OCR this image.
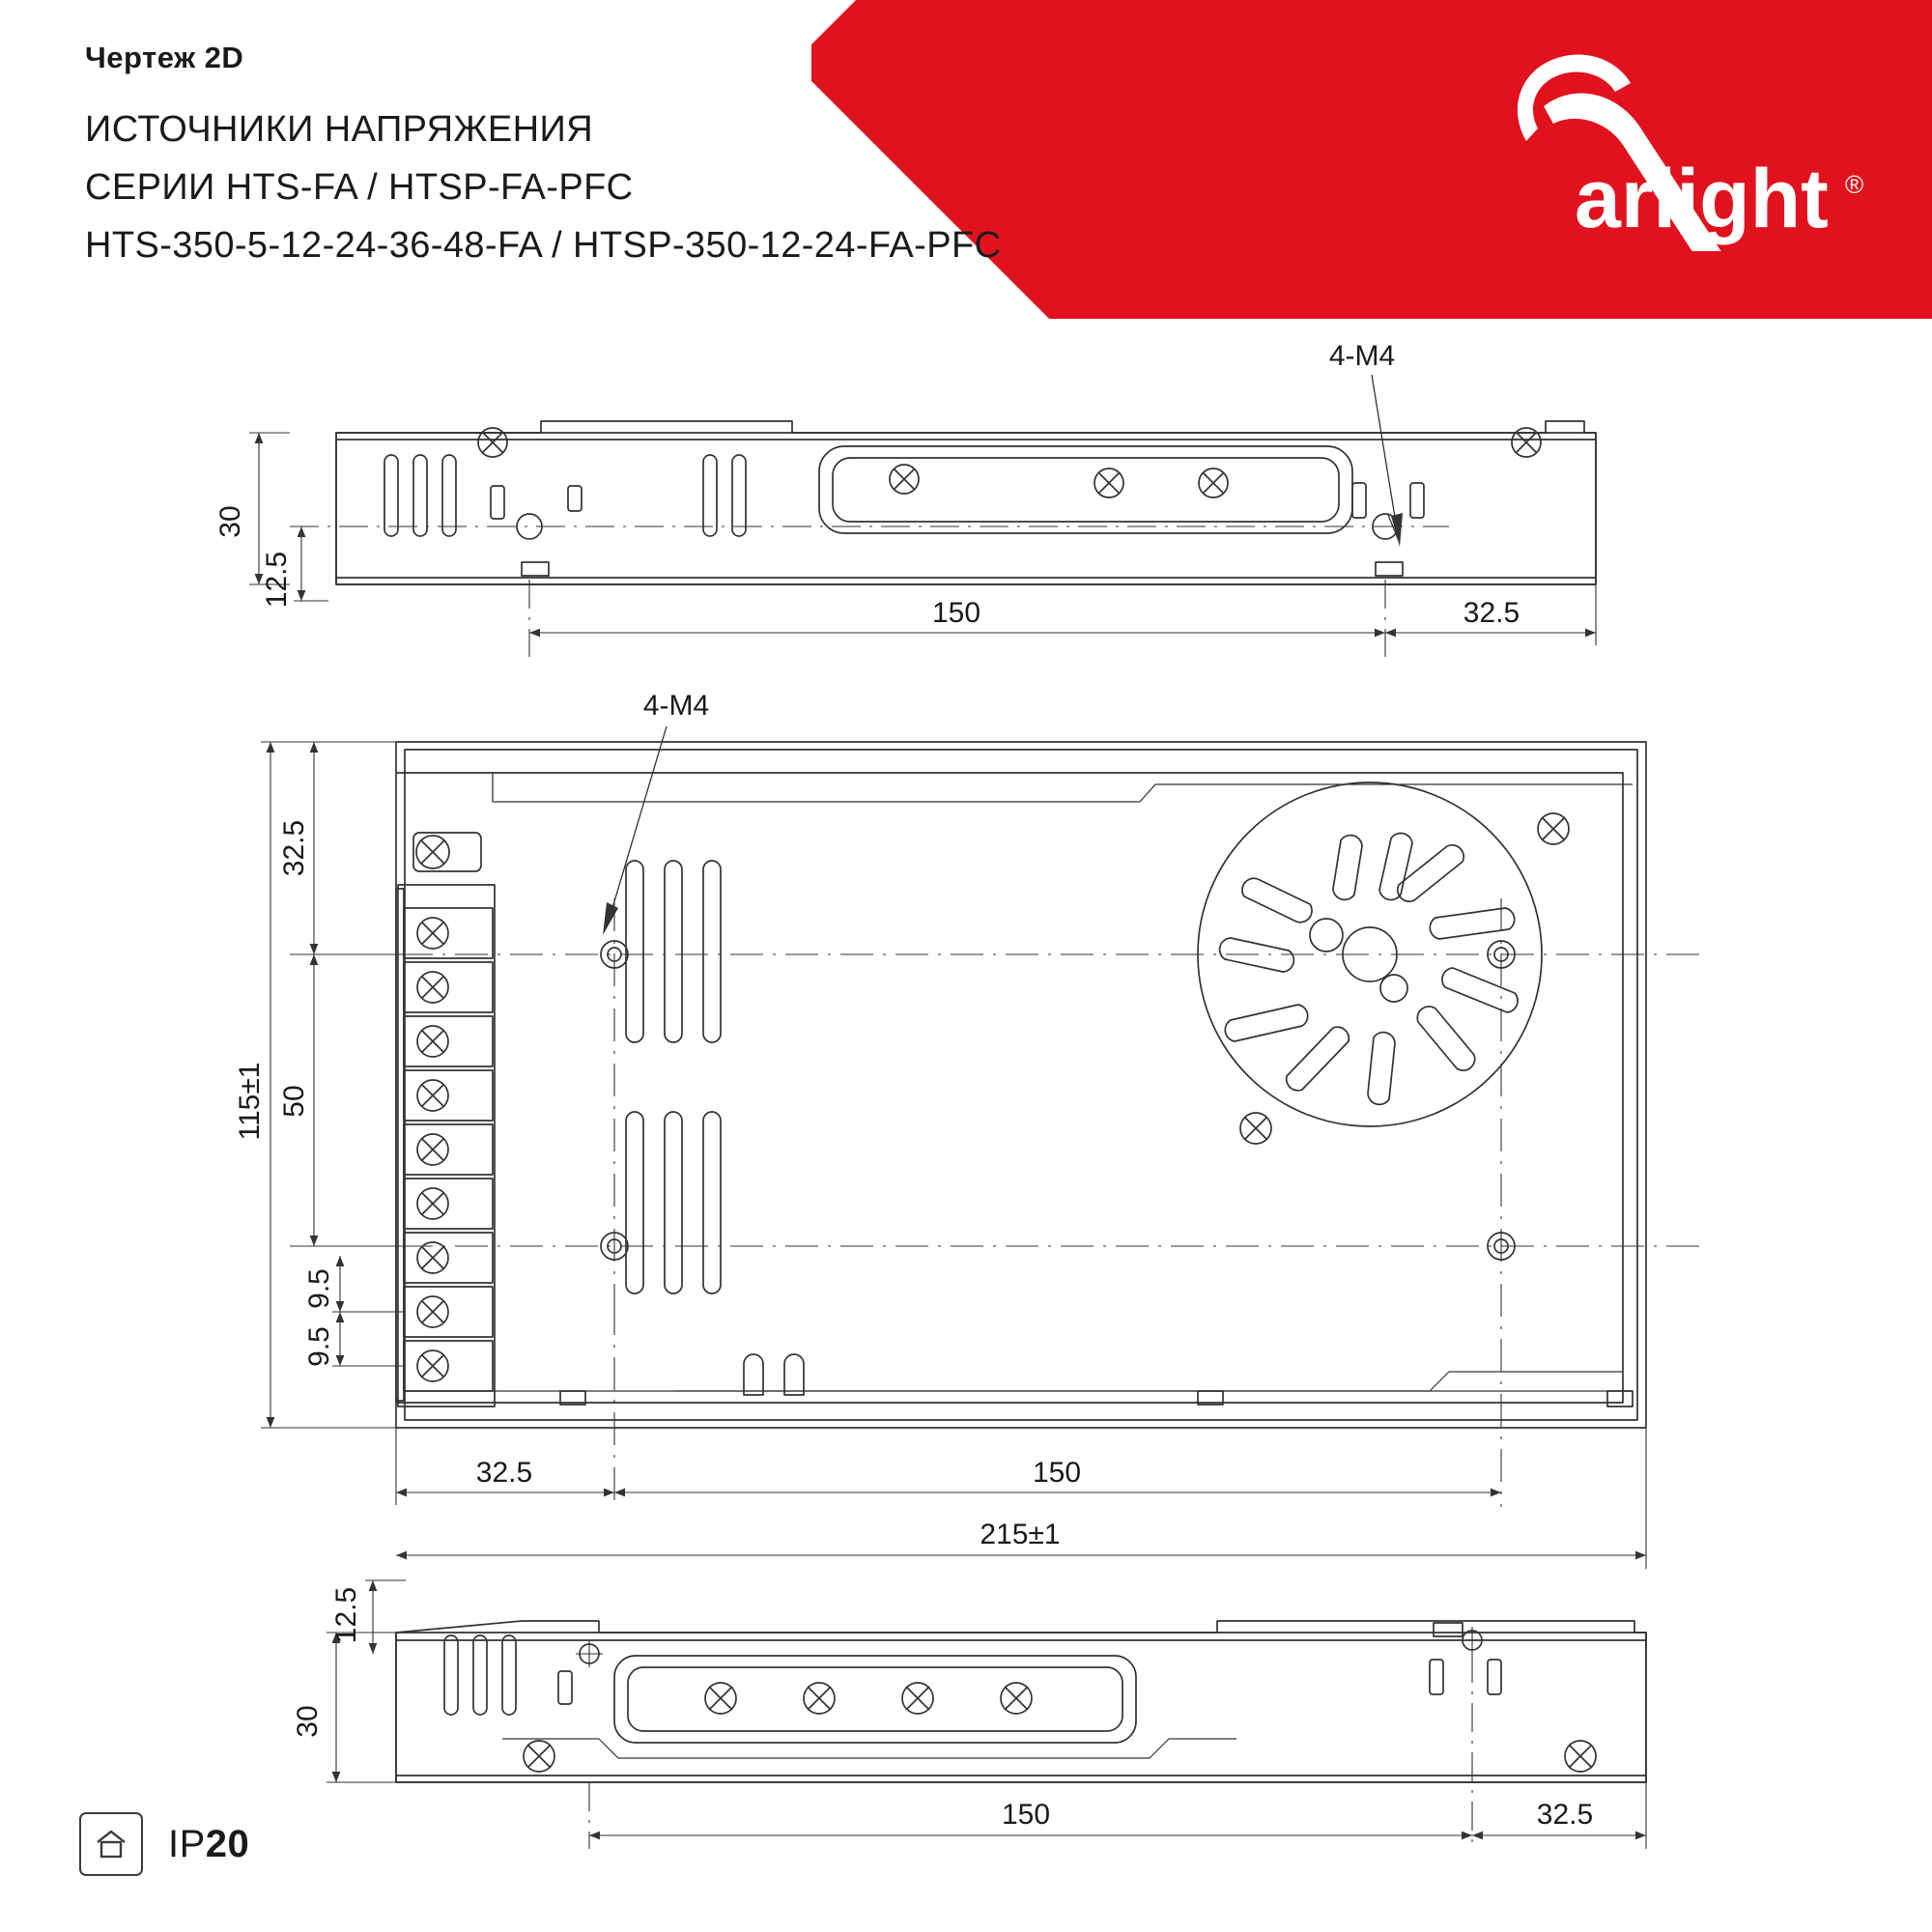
arlight ®
Чертеж 2D
ИСТОЧНИКИ НАПРЯЖЕНИЯ
СЕРИИ HTS-FA / HTSP-FA-PFC
HTS-350-5-12-24-36-48-FA / HTSP-350-12-24-FA-PFC
30
12.5
150	32.5
4-M4
4-M4
32.5
50
115±1
9.5
9.5
32.5	150
215±1
12.5
30
150	32.5
IP20
